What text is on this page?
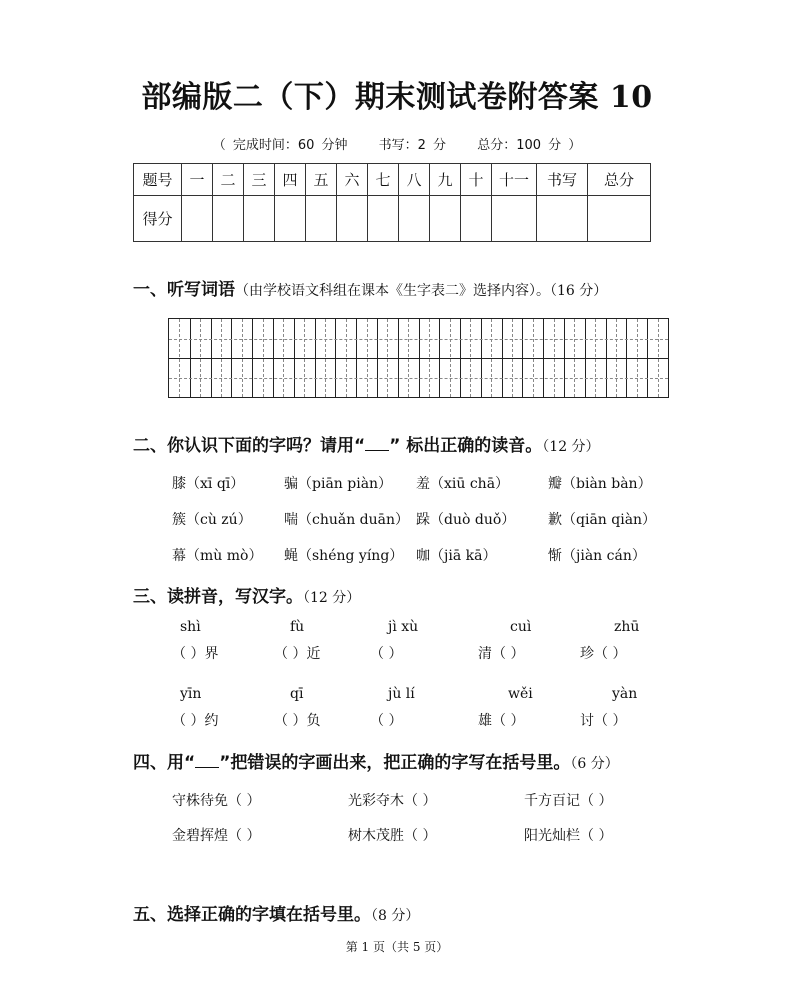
部编版二（下）期末测试卷附答案 10
（ 完成时间：60 分钟 书写：2 分 总分：100 分 ）
题号	一	二	三	四	五	六	七	八	九	十	十一	书写	总分
得分													
一、听写词语（由学校语文科组在课本《生字表二》选择内容）。（16 分）
二、你认识下面的字吗？请用“ ” 标出正确的读音。（12 分）
膝（xī qī）	骗（piān piàn） 羞（xiū chā）	瓣（biàn bàn）
簇（cù zú） 喘（chuǎn duān） 跺（duò duǒ） 歉（qiān qiàn）
幕（mù mò） 蝇（shéng yíng） 咖（jiā kā）	惭（jiàn cán）
三、读拼音，写汉字。（12 分）
shì	fù	jì xù	cuì	zhū
（ ）界	（ ）近	（ ）	清（ ）	珍（ ）
yīn	qī	jù lí	wěi	yàn
（ ）约	（ ）负	（ ）	雄（ ）	讨（ ）
四、用“ ”把错误的字画出来，把正确的字写在括号里。（6 分）
守株待免（ ）	光彩夺木（ ）	千方百记（ ）
金碧挥煌（ ）	树木茂胜（ ）	阳光灿栏（ ）
五、选择正确的字填在括号里。（8 分）
第 1 页（共 5 页）
